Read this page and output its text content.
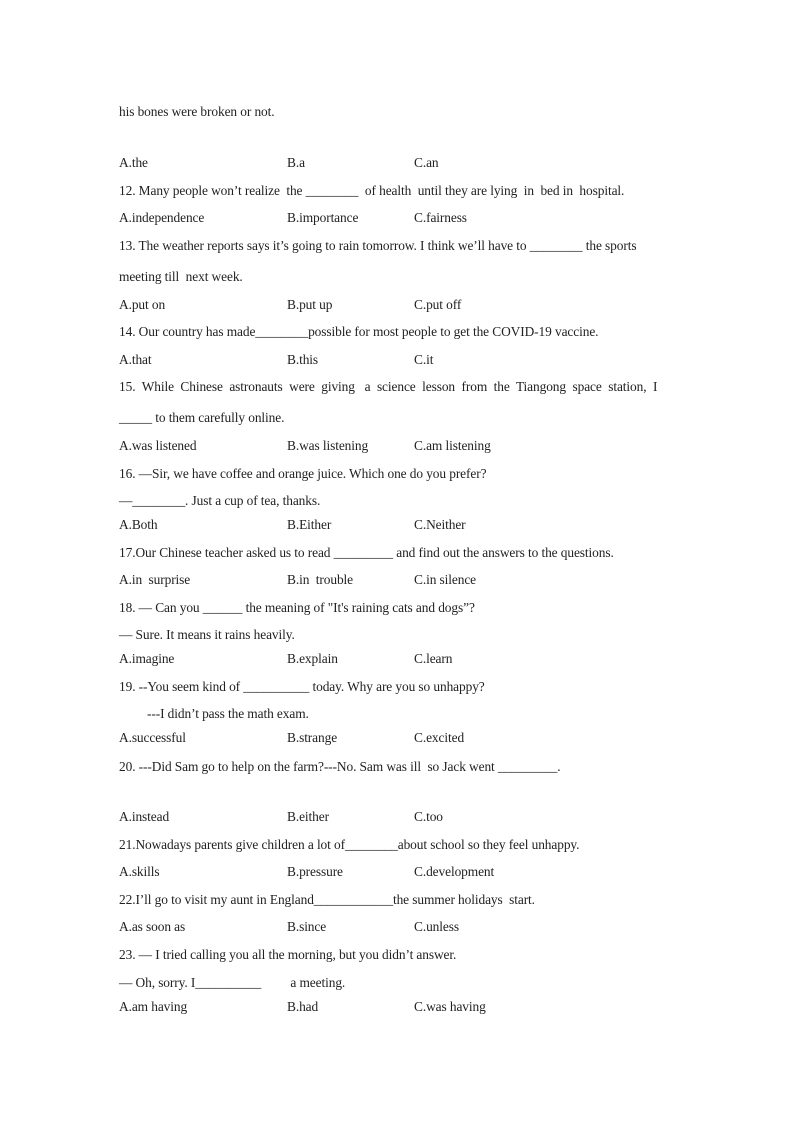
his bones were broken or not.
A.the	B.a	C.an
12. Many people won’t realize  the ________  of health  until they are lying  in  bed in  hospital.
A.independence	B.importance	C.fairness
13. The weather reports says it’s going to rain tomorrow. I think we’ll have to ________ the sports
meeting till  next week.
A.put on	B.put up	C.put off
14. Our country has made________possible for most people to get the COVID-19 vaccine.
A.that	B.this	C.it
15.  While  Chinese  astronauts  were  giving   a  science  lesson  from  the  Tiangong  space  station,  I
_____ to them carefully online.
A.was listened	B.was listening	C.am listening
16. —Sir, we have coffee and orange juice. Which one do you prefer?
—________. Just a cup of tea, thanks.
A.Both	B.Either	C.Neither
17.Our Chinese teacher asked us to read _________ and find out the answers to the questions.
A.in  surprise	B.in  trouble	C.in silence
18. — Can you ______ the meaning of "It's raining cats and dogs”?
— Sure. It means it rains heavily.
A.imagine	B.explain	C.learn
19. --You seem kind of __________ today. Why are you so unhappy?
---I didn’t pass the math exam.
A.successful	B.strange	C.excited
20. ---Did Sam go to help on the farm?---No. Sam was ill  so Jack went _________.
A.instead	B.either	C.too
21.Nowadays parents give children a lot of________about school so they feel unhappy.
A.skills	B.pressure	C.development
22.I’ll go to visit my aunt in England____________the summer holidays  start.
A.as soon as	B.since	C.unless
23. — I tried calling you all the morning, but you didn’t answer.
— Oh, sorry. I__________         a meeting.
A.am having	B.had	C.was having
